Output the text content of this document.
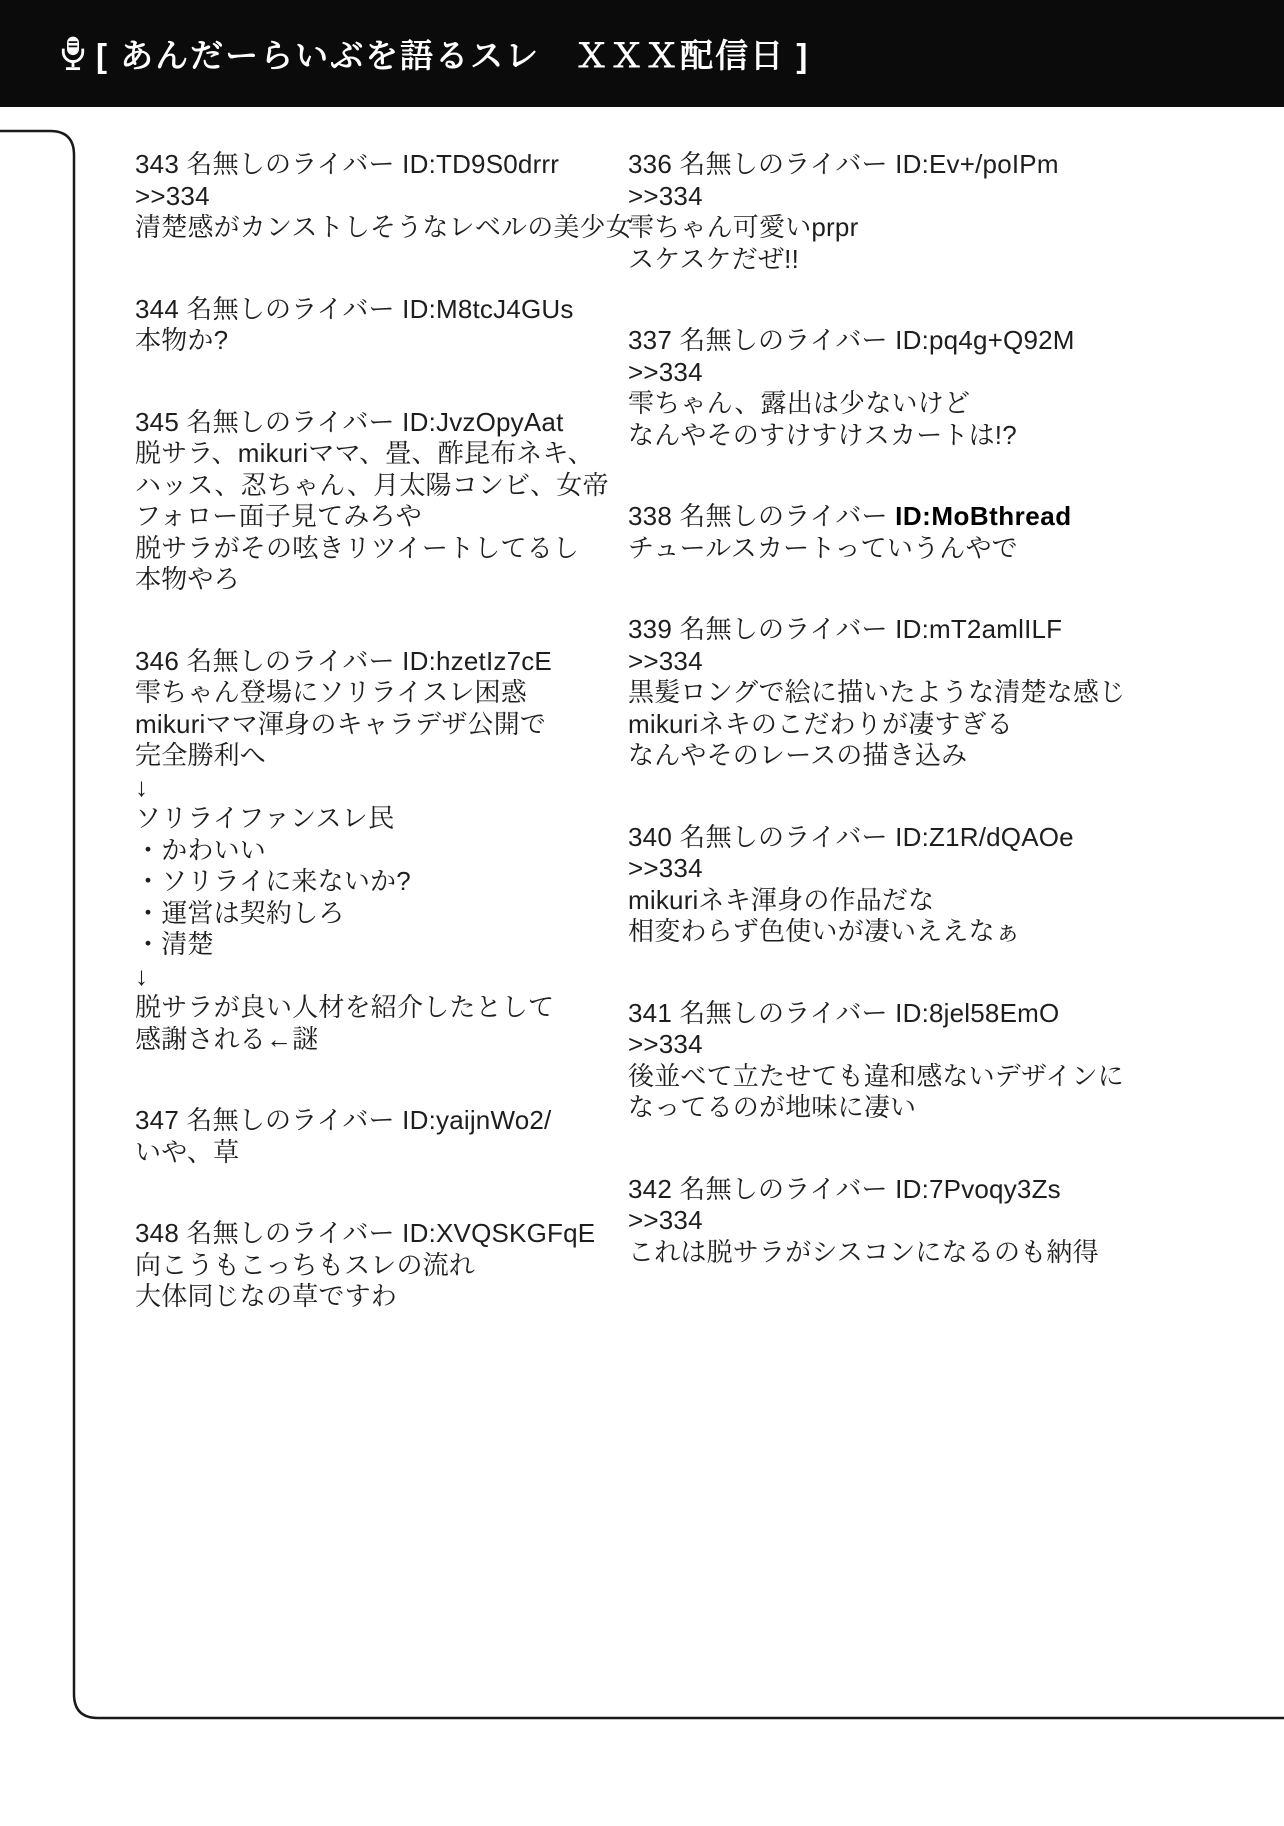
[ あんだーらいぶを語るスレ　ＸＸＸ配信日 ]
343 名無しのライバー ID:TD9S0drrr
>>334
清楚感がカンストしそうなレベルの美少女
344 名無しのライバー ID:M8tcJ4GUs
本物か?
345 名無しのライバー ID:JvzOpyAat
脱サラ、mikuriママ、畳、酢昆布ネキ、
ハッス、忍ちゃん、月太陽コンビ、女帝
フォロー面子見てみろや
脱サラがその呟きリツイートしてるし
本物やろ
346 名無しのライバー ID:hzetIz7cE
雫ちゃん登場にソリライスレ困惑
mikuriママ渾身のキャラデザ公開で
完全勝利へ
↓
ソリライファンスレ民
・かわいい
・ソリライに来ないか?
・運営は契約しろ
・清楚
↓
脱サラが良い人材を紹介したとして
感謝される←謎
347 名無しのライバー ID:yaijnWo2/
いや、草
348 名無しのライバー ID:XVQSKGFqE
向こうもこっちもスレの流れ
大体同じなの草ですわ
336 名無しのライバー ID:Ev+/poIPm
>>334
雫ちゃん可愛いprpr
スケスケだぜ!!
337 名無しのライバー ID:pq4g+Q92M
>>334
雫ちゃん、露出は少ないけど
なんやそのすけすけスカートは!?
338 名無しのライバー ID:MoBthread
チュールスカートっていうんやで
339 名無しのライバー ID:mT2amlILF
>>334
黒髪ロングで絵に描いたような清楚な感じ
mikuriネキのこだわりが凄すぎる
なんやそのレースの描き込み
340 名無しのライバー ID:Z1R/dQAOe
>>334
mikuriネキ渾身の作品だな
相変わらず色使いが凄いええなぁ
341 名無しのライバー ID:8jel58EmO
>>334
後並べて立たせても違和感ないデザインに
なってるのが地味に凄い
342 名無しのライバー ID:7Pvoqy3Zs
>>334
これは脱サラがシスコンになるのも納得
